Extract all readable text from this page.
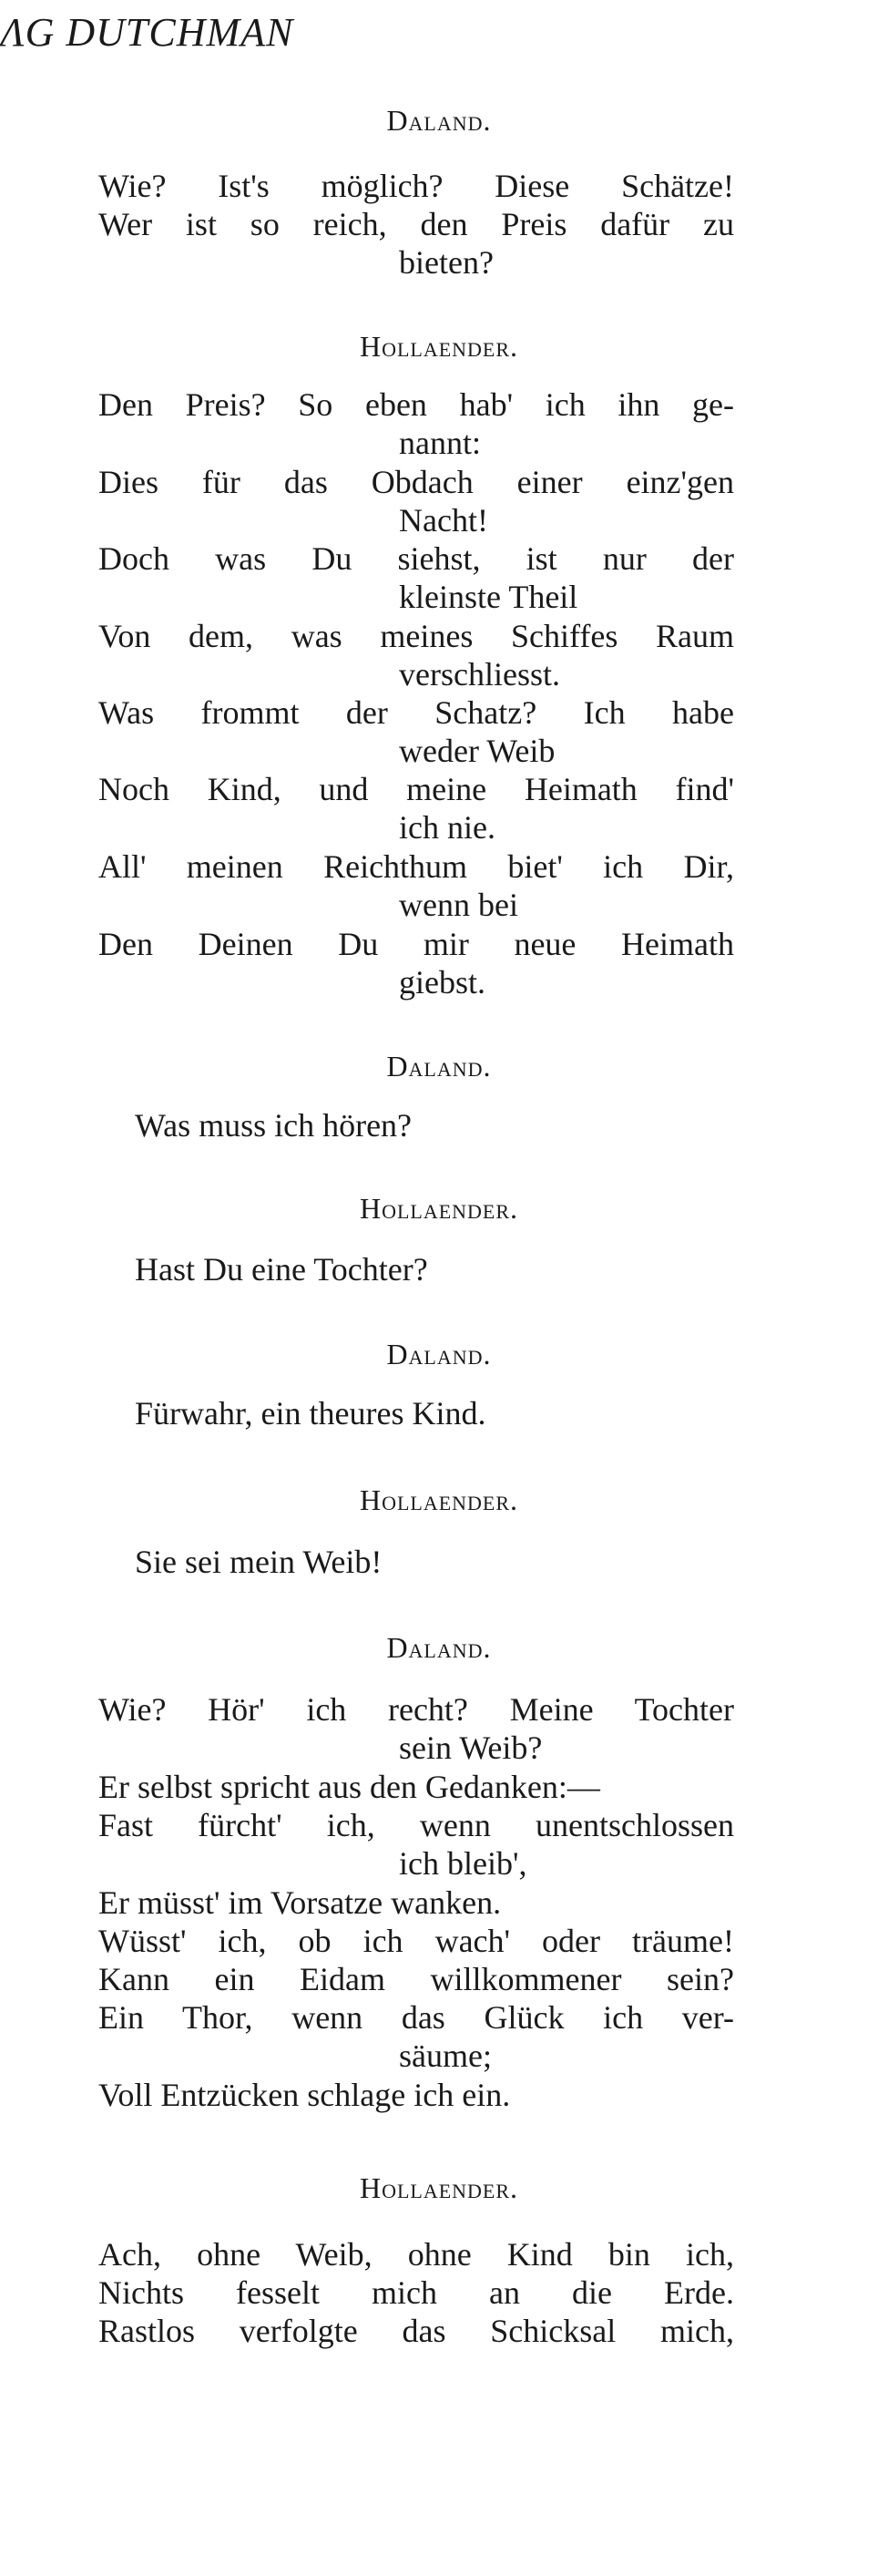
ɅG DUTCHMAN
Daland.
Wie? Ist's möglich? Diese Schätze!
Wer ist so reich, den Preis dafür zu
bieten?
Hollaender.
Den Preis? So eben hab' ich ihn ge-
nannt:
Dies für das Obdach einer einz'gen
Nacht!
Doch was Du siehst, ist nur der
kleinste Theil
Von dem, was meines Schiffes Raum
verschliesst.
Was frommt der Schatz? Ich habe
weder Weib
Noch Kind, und meine Heimath find'
ich nie.
All' meinen Reichthum biet' ich Dir,
wenn bei
Den Deinen Du mir neue Heimath
giebst.
Daland.
Was muss ich hören?
Hollaender.
Hast Du eine Tochter?
Daland.
Fürwahr, ein theures Kind.
Hollaender.
Sie sei mein Weib!
Daland.
Wie? Hör' ich recht? Meine Tochter
sein Weib?
Er selbst spricht aus den Gedanken:—
Fast fürcht' ich, wenn unentschlossen
ich bleib',
Er müsst' im Vorsatze wanken.
Wüsst' ich, ob ich wach' oder träume!
Kann ein Eidam willkommener sein?
Ein Thor, wenn das Glück ich ver-
säume;
Voll Entzücken schlage ich ein.
Hollaender.
Ach, ohne Weib, ohne Kind bin ich,
Nichts fesselt mich an die Erde.
Rastlos verfolgte das Schicksal mich,
